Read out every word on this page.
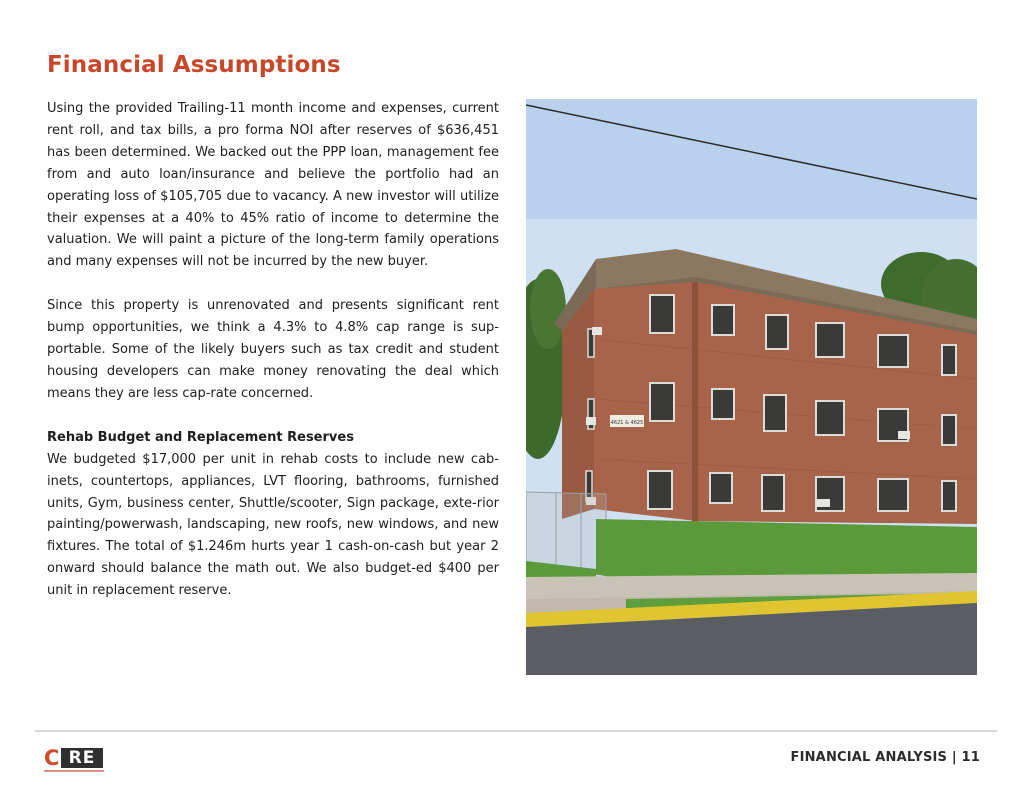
Financial Assumptions

Using the provided Trailing-11 month income and expenses, current rent roll, and tax bills, a pro forma NOI after reserves of $636,451 has been determined. We backed out the PPP loan, management fee from and auto loan/insurance and believe the portfolio had an operating loss of $105,705 due to vacancy. A new investor will utilize their expenses at a 40% to 45% ratio of income to determine the valuation. We will paint a picture of the long-term family operations and many expenses will not be incurred by the new buyer.

Since this property is unrenovated and presents significant rent bump opportunities, we think a 4.3% to 4.8% cap range is sup-portable. Some of the likely buyers such as tax credit and student housing developers can make money renovating the deal which means they are less cap-rate concerned.

Rehab Budget and Replacement Reserves

We budgeted $17,000 per unit in rehab costs to include new cab-inets, countertops, appliances, LVT flooring, bathrooms, furnished units, Gym, business center, Shuttle/scooter, Sign package, exte-rior painting/powerwash, landscaping, new roofs, new windows, and new fixtures. The total of $1.246m hurts year 1 cash-on-cash but year 2 onward should balance the math out. We also budget-ed $400 per unit in replacement reserve.

4621 & 4625
C RE	FINANCIAL ANALYSIS | 11
